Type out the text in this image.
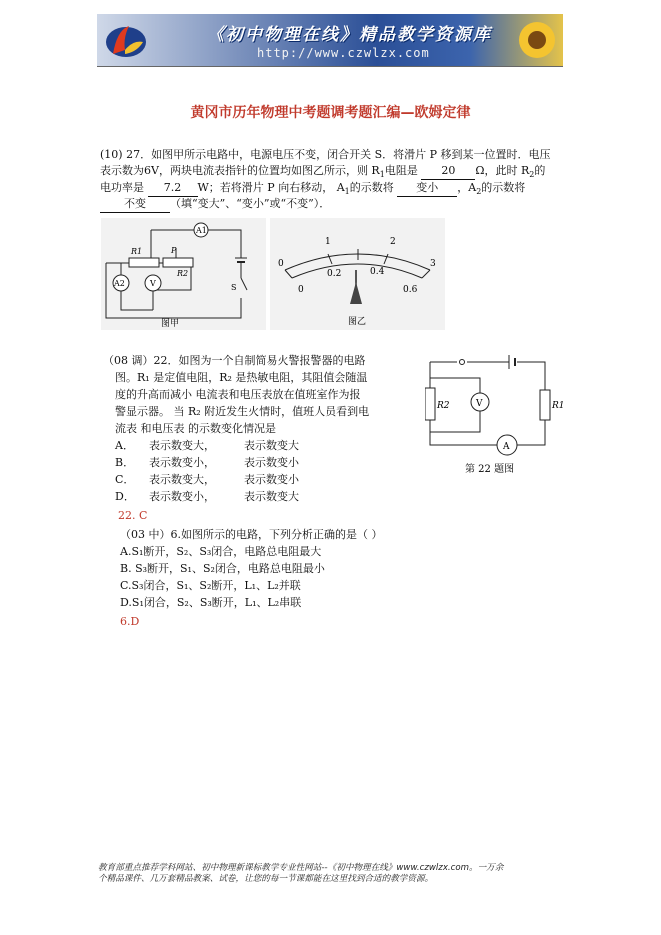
《初中物理在线》精品教学资源库
http://www.czwlzx.com
黄冈市历年物理中考题调考题汇编—欧姆定律
(10) 27．如图甲所示电路中，电源电压不变，闭合开关 S．将滑片 P 移到某一位置时．电压
表示数为6V，两块电流表指针的位置均如图乙所示，则 $R_1$电阻是 20 Ω，此时 $R_2$的
电功率是 7.2 W；若将滑片 P 向右移动， $A_1$的示数将 变小 ，$A_2$的示数将
不变 （填“变大”、“变小”或“不变”）．
A1
R1	P
R2
A2	V	S
图甲
0
1	2
3
0
0.2	0.4
0.6
图乙
（08 调）22．如图为一个自制简易火警报警器的电路
图。R₁ 是定值电阻，R₂ 是热敏电阻，其阻值会随温
度的升高而减小 电流表和电压表放在值班室作为报
警显示器。 当 R₂ 附近发生火情时，值班人员看到电
流表 和电压表 的示数变化情况是
A． 表示数变大，	表示数变大
B． 表示数变小，	表示数变小
C． 表示数变大，	表示数变小
D． 表示数变小，	表示数变大
22. C
R2	R1
V
A
第 22 题图
（03 中）6.如图所示的电路，下列分析正确的是（ ）
A.S₁断开，S₂、S₃闭合，电路总电阻最大
B. S₃断开，S₁、S₂闭合，电路总电阻最小
C.S₃闭合，S₁、S₂断开，L₁、L₂并联
D.S₁闭合，S₂、S₃断开，L₁、L₂串联
6.D
教育部重点推荐学科网站、初中物理新课标教学专业性网站--《初中物理在线》www.czwlzx.com。一万余
个精品课件、几万套精品教案、试卷，让您的每一节课都能在这里找到合适的教学资源。
